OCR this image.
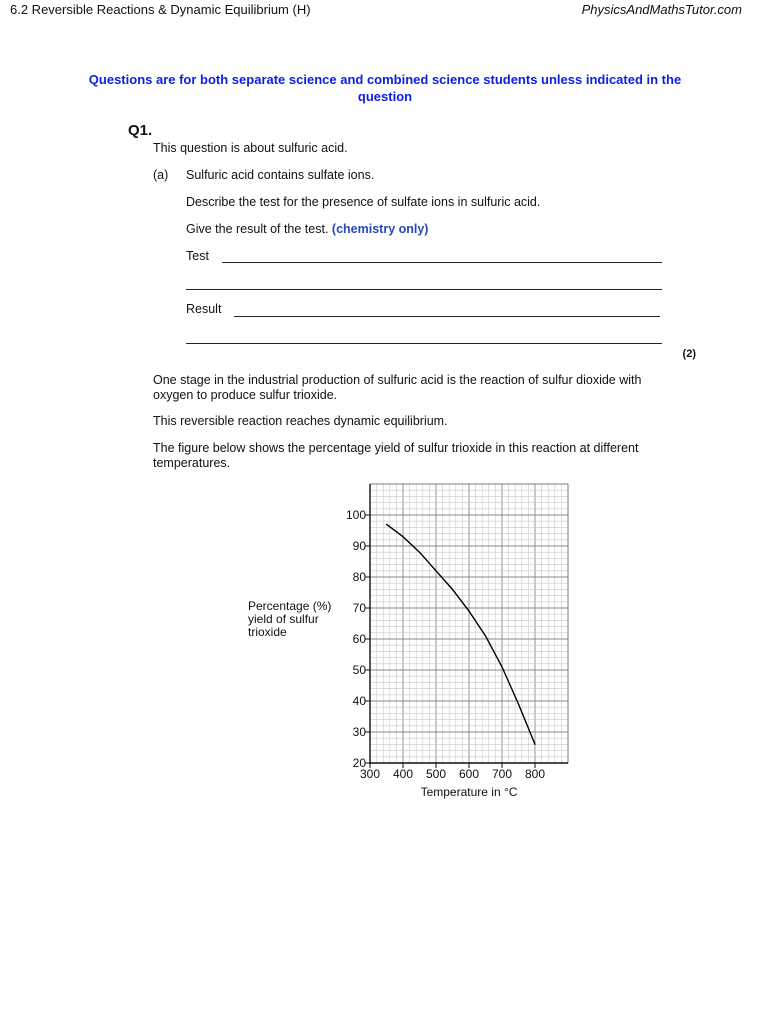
6.2 Reversible Reactions & Dynamic Equilibrium (H)	PhysicsAndMathsTutor.com
Questions are for both separate science and combined science students unless indicated in the question
Q1.
This question is about sulfuric acid.
(a) Sulfuric acid contains sulfate ions.
Describe the test for the presence of sulfate ions in sulfuric acid.
Give the result of the test. (chemistry only)
Test
Result
(2)
One stage in the industrial production of sulfuric acid is the reaction of sulfur dioxide with oxygen to produce sulfur trioxide.
This reversible reaction reaches dynamic equilibrium.
The figure below shows the percentage yield of sulfur trioxide in this reaction at different temperatures.
Percentage (%) yield of sulfur trioxide
20
30
40
50
60
70
80
90
100
300 400 500 600 700 800
Temperature in °C
